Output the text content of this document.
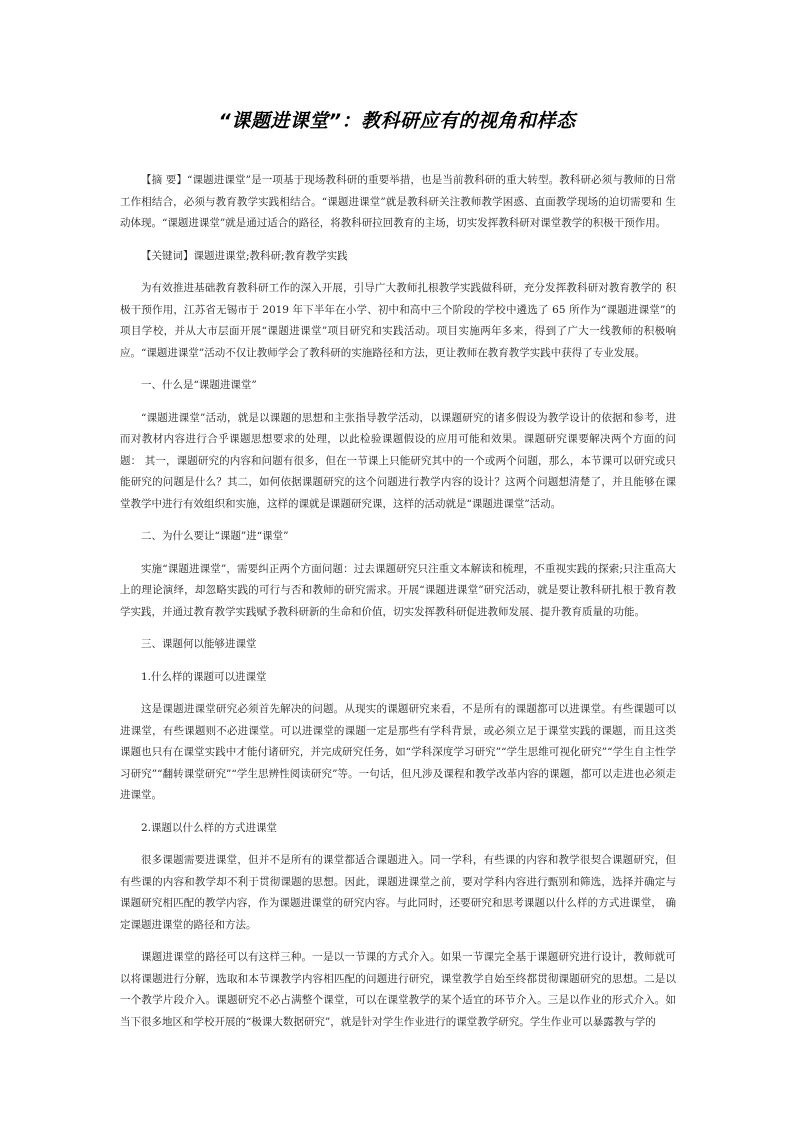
“课题进课堂”：教科研应有的视角和样态

【摘 要】“课题进课堂”是一项基于现场教科研的重要举措，也是当前教科研的重大转型。教科研必须与教师的日常工作相结合，必须与教育教学实践相结合。“课题进课堂”就是教科研关注教师教学困惑、直面教学现场的迫切需要和 生动体现。“课题进课堂”就是通过适合的路径，将教科研拉回教育的主场，切实发挥教科研对课堂教学的积极干预作用。

【关键词】课题进课堂;教科研;教育教学实践

为有效推进基础教育教科研工作的深入开展，引导广大教师扎根教学实践做科研，充分发挥教科研对教育教学的 积极干预作用，江苏省无锡市于 2019 年下半年在小学、初中和高中三个阶段的学校中遴选了 65 所作为“课题进课堂”的项目学校，并从大市层面开展“课题进课堂”项目研究和实践活动。项目实施两年多来，得到了广大一线教师的积极响应。“课题进课堂”活动不仅让教师学会了教科研的实施路径和方法，更让教师在教育教学实践中获得了专业发展。

一、什么是“课题进课堂”

“课题进课堂”活动，就是以课题的思想和主张指导教学活动，以课题研究的诸多假设为教学设计的依据和参考，进而对教材内容进行合乎课题思想要求的处理，以此检验课题假设的应用可能和效果。课题研究课要解决两个方面的问题： 其一，课题研究的内容和问题有很多，但在一节课上只能研究其中的一个或两个问题，那么，本节课可以研究或只能研究的问题是什么？其二，如何依据课题研究的这个问题进行教学内容的设计？这两个问题想清楚了，并且能够在课堂教学中进行有效组织和实施，这样的课就是课题研究课，这样的活动就是“课题进课堂”活动。

二、为什么要让“课题”进“课堂”

实施“课题进课堂”，需要纠正两个方面问题：过去课题研究只注重文本解读和梳理，不重视实践的探索;只注重高大上的理论演绎，却忽略实践的可行与否和教师的研究需求。开展“课题进课堂”研究活动，就是要让教科研扎根于教育教学实践，并通过教育教学实践赋予教科研新的生命和价值，切实发挥教科研促进教师发展、提升教育质量的功能。

三、课题何以能够进课堂

1.什么样的课题可以进课堂

这是课题进课堂研究必须首先解决的问题。从现实的课题研究来看，不是所有的课题都可以进课堂。有些课题可以进课堂，有些课题则不必进课堂。可以进课堂的课题一定是那些有学科背景，或必须立足于课堂实践的课题，而且这类课题也只有在课堂实践中才能付诸研究，并完成研究任务，如“学科深度学习研究”“学生思维可视化研究”“学生自主性学习研究”“翻转课堂研究”“学生思辨性阅读研究”等。一句话，但凡涉及课程和教学改革内容的课题，都可以走进也必须走进课堂。

2.课题以什么样的方式进课堂

很多课题需要进课堂，但并不是所有的课堂都适合课题进入。同一学科，有些课的内容和教学很契合课题研究，但有些课的内容和教学却不利于贯彻课题的思想。因此，课题进课堂之前，要对学科内容进行甄别和筛选，选择并确定与课题研究相匹配的教学内容，作为课题进课堂的研究内容。与此同时，还要研究和思考课题以什么样的方式进课堂， 确定课题进课堂的路径和方法。

课题进课堂的路径可以有这样三种。一是以一节课的方式介入。如果一节课完全基于课题研究进行设计，教师就可以将课题进行分解，选取和本节课教学内容相匹配的问题进行研究，课堂教学自始至终都贯彻课题研究的思想。二是以一个教学片段介入。课题研究不必占满整个课堂，可以在课堂教学的某个适宜的环节介入。三是以作业的形式介入。如当下很多地区和学校开展的“极课大数据研究”，就是针对学生作业进行的课堂教学研究。学生作业可以暴露教与学的
